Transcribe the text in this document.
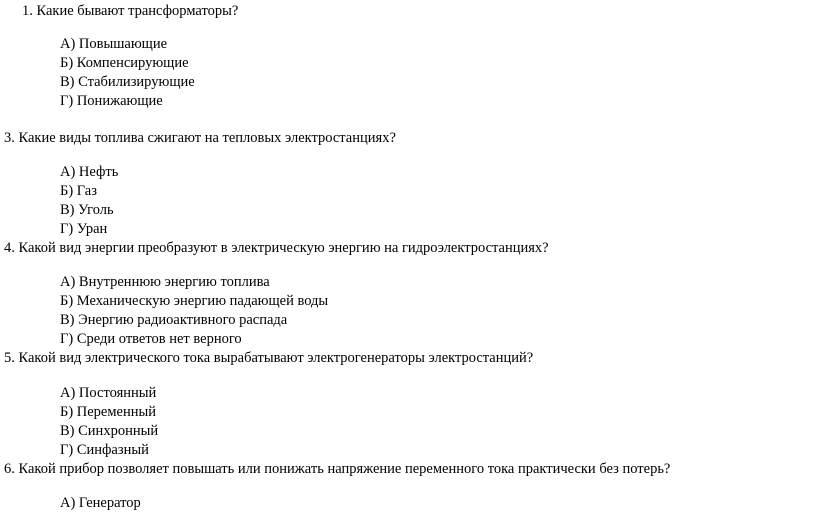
1. Какие бывают трансформаторы?
А) Повышающие
Б) Компенсирующие
В) Стабилизирующие
Г) Понижающие
3. Какие виды топлива сжигают на тепловых электростанциях?
А) Нефть
Б) Газ
В) Уголь
Г) Уран
4. Какой вид энергии преобразуют в электрическую энергию на гидроэлектростанциях?
А) Внутреннюю энергию топлива
Б) Механическую энергию падающей воды
В) Энергию радиоактивного распада
Г) Среди ответов нет верного
5. Какой вид электрического тока вырабатывают электрогенераторы электростанций?
А) Постоянный
Б) Переменный
В) Синхронный
Г) Синфазный
6. Какой прибор позволяет повышать или понижать напряжение переменного тока практически без потерь?
А) Генератор
